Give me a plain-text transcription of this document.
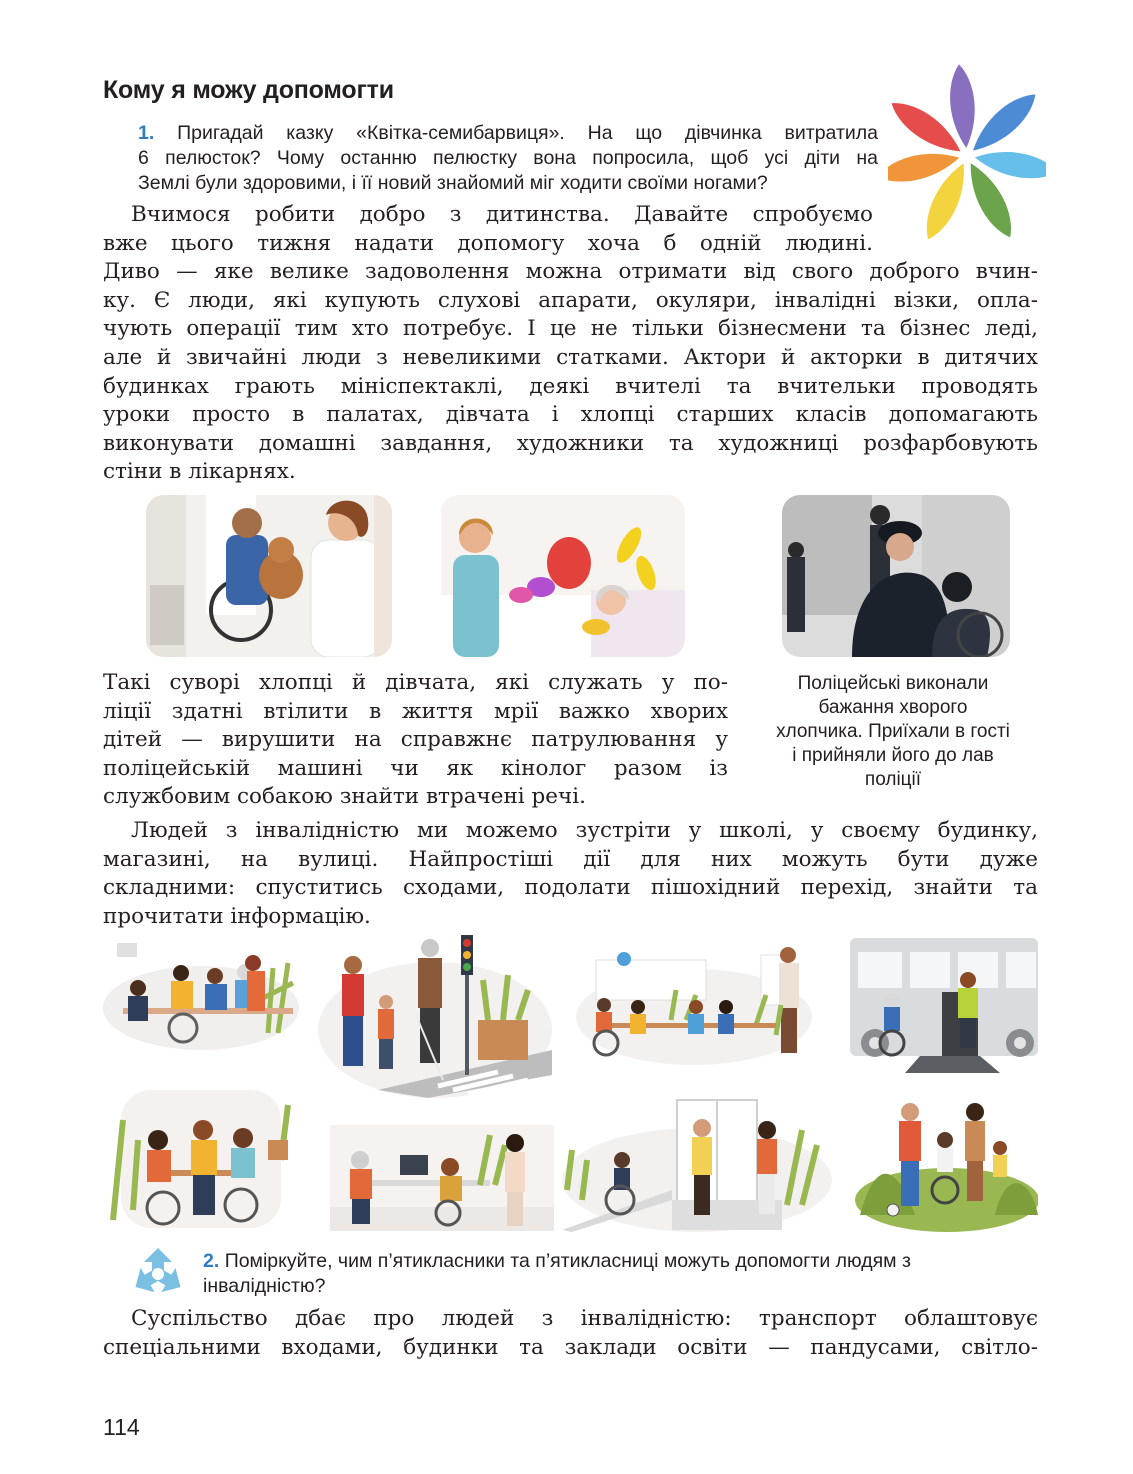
Кому я можу допомогти
1. Пригадай казку «Квітка-семибарвиця». На що дівчинка витратила
6 пелюсток? Чому останню пелюстку вона попросила, щоб усі діти на
Землі були здоровими, і її новий знайомий міг ходити своїми ногами?
Вчимося робити добро з дитинства. Давайте спробуємо
вже цього тижня надати допомогу хоча б одній людині.
Диво — яке велике задоволення можна отримати від свого доброго вчин-
ку. Є люди, які купують слухові апарати, окуляри, інвалідні візки, опла-
чують операції тим хто потребує. І це не тільки бізнесмени та бізнес леді,
але й звичайні люди з невеликими статками. Актори й акторки в дитячих
будинках грають мініспектаклі, деякі вчителі та вчительки проводять
уроки просто в палатах, дівчата і хлопці старших класів допомагають
виконувати домашні завдання, художники та художниці розфарбовують
стіни в лікарнях.
Такі суворі хлопці й дівчата, які служать у по-
ліції здатні втілити в життя мрії важко хворих
дітей — вирушити на справжнє патрулювання у
поліцейській машині чи як кінолог разом із
службовим собакою знайти втрачені речі.
Поліцейські виконали
бажання хворого
хлопчика. Приїхали в гості
і прийняли його до лав
поліції
Людей з інвалідністю ми можемо зустріти у школі, у своєму будинку,
магазині, на вулиці. Найпростіші дії для них можуть бути дуже
складними: спуститись сходами, подолати пішохідний перехід, знайти та
прочитати інформацію.
2. Поміркуйте, чим п’ятикласники та п’ятикласниці можуть допомогти людям з
інвалідністю?
Суспільство дбає про людей з інвалідністю: транспорт облаштовує
спеціальними входами, будинки та заклади освіти — пандусами, світло-
114
